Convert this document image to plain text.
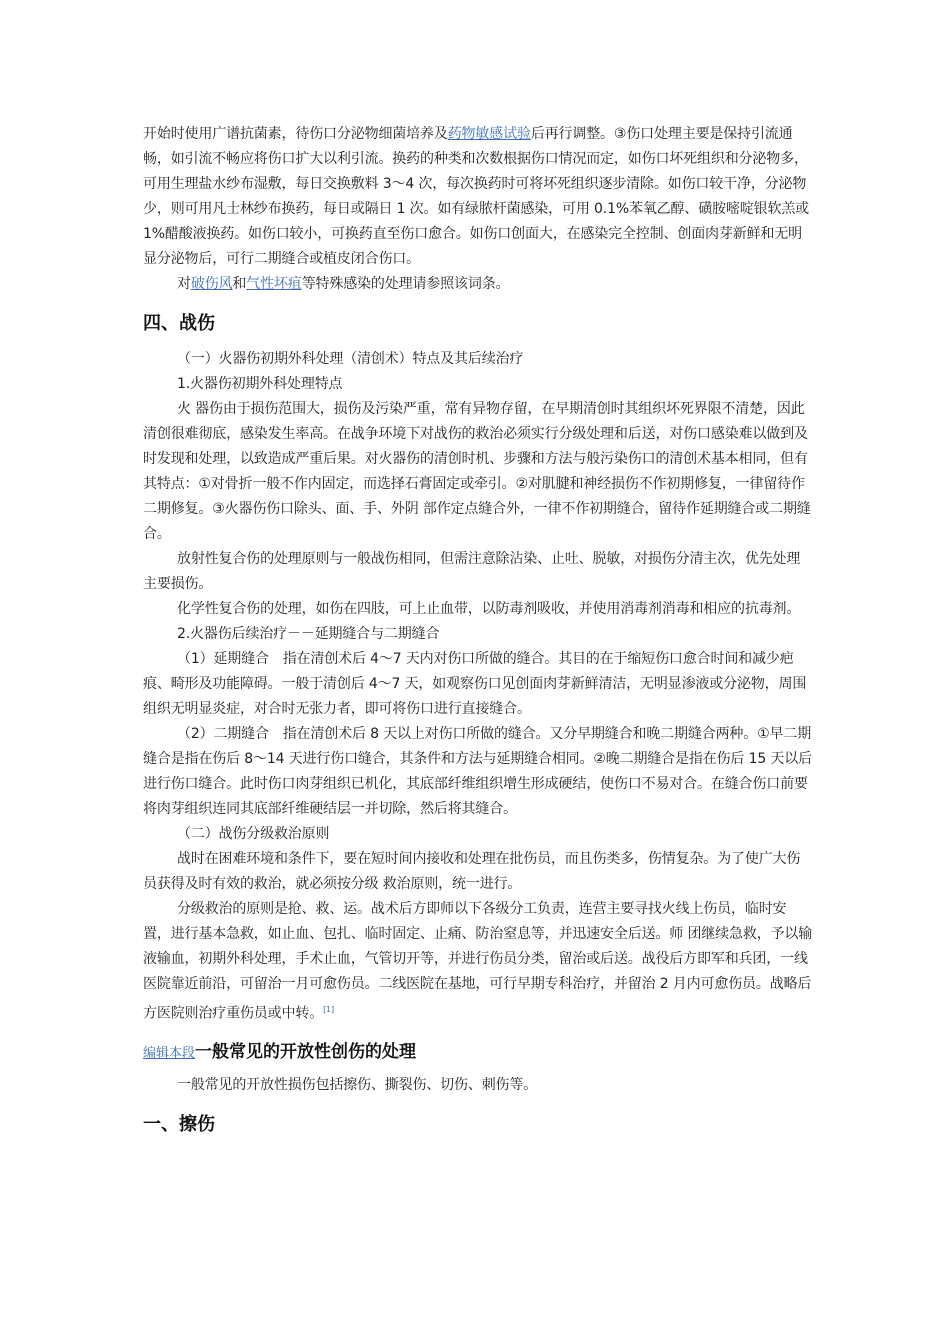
开始时使用广谱抗菌素，待伤口分泌物细菌培养及药物敏感试验后再行调整。③伤口处理主要是保持引流通畅，如引流不畅应将伤口扩大以利引流。换药的种类和次数根据伤口情况而定，如伤口坏死组织和分泌物多，可用生理盐水纱布湿敷，每日交换敷料 3～4 次，每次换药时可将坏死组织逐步清除。如伤口较干净，分泌物少，则可用凡士林纱布换药，每日或隔日 1 次。如有绿脓杆菌感染，可用 0.1%苯氧乙醇、磺胺嘧啶银软羔或 1%醋酸液换药。如伤口较小，可换药直至伤口愈合。如伤口创面大，在感染完全控制、创面肉芽新鲜和无明显分泌物后，可行二期缝合或植皮闭合伤口。

对破伤风和气性坏疽等特殊感染的处理请参照该词条。

四、战伤

（一）火器伤初期外科处理（清创术）特点及其后续治疗

1.火器伤初期外科处理特点

火 器伤由于损伤范围大，损伤及污染严重，常有异物存留，在早期清创时其组织坏死界限不清楚，因此清创很难彻底，感染发生率高。在战争环境下对战伤的救治必须实行分级处理和后送，对伤口感染难以做到及时发现和处理，以致造成严重后果。对火器伤的清创时机、步骤和方法与般污染伤口的清创术基本相同，但有其特点：①对骨折一般不作内固定，而选择石膏固定或牵引。②对肌腱和神经损伤不作初期修复，一律留待作二期修复。③火器伤伤口除头、面、手、外阴 部作定点缝合外，一律不作初期缝合，留待作延期缝合或二期缝合。

放射性复合伤的处理原则与一般战伤相同，但需注意除沾染、止吐、脱敏，对损伤分清主次，优先处理主要损伤。

化学性复合伤的处理，如伤在四肢，可上止血带，以防毒剂吸收，并使用消毒剂消毒和相应的抗毒剂。

2.火器伤后续治疗－－延期缝合与二期缝合

（1）延期缝合　指在清创术后 4～7 天内对伤口所做的缝合。其目的在于缩短伤口愈合时间和减少疤痕、畸形及功能障碍。一般于清创后 4～7 天，如观察伤口见创面肉芽新鲜清洁，无明显渗液或分泌物，周围组织无明显炎症，对合时无张力者，即可将伤口进行直接缝合。

（2）二期缝合　指在清创术后 8 天以上对伤口所做的缝合。又分早期缝合和晚二期缝合两种。①早二期缝合是指在伤后 8～14 天进行伤口缝合，其条件和方法与延期缝合相同。②晚二期缝合是指在伤后 15 天以后进行伤口缝合。此时伤口肉芽组织已机化，其底部纤维组织增生形成硬结，使伤口不易对合。在缝合伤口前要将肉芽组织连同其底部纤维硬结层一并切除，然后将其缝合。

（二）战伤分级救治原则

战时在困难环境和条件下，要在短时间内接收和处理在批伤员，而且伤类多，伤情复杂。为了使广大伤员获得及时有效的救治，就必须按分级 救治原则，统一进行。

分级救治的原则是抢、救、运。战术后方即师以下各级分工负责，连营主要寻找火线上伤员，临时安置，进行基本急救，如止血、包扎、临时固定、止痛、防治窒息等，并迅速安全后送。师 团继续急救，予以输液输血，初期外科处理，手术止血，气管切开等，并进行伤员分类，留治或后送。战役后方即军和兵团，一线医院靠近前沿，可留治一月可愈伤员。二线医院在基地，可行早期专科治疗，并留治 2 月内可愈伤员。战略后方医院则治疗重伤员或中转。[1]

编辑本段一般常见的开放性创伤的处理

一般常见的开放性损伤包括擦伤、撕裂伤、切伤、刺伤等。

一、擦伤
